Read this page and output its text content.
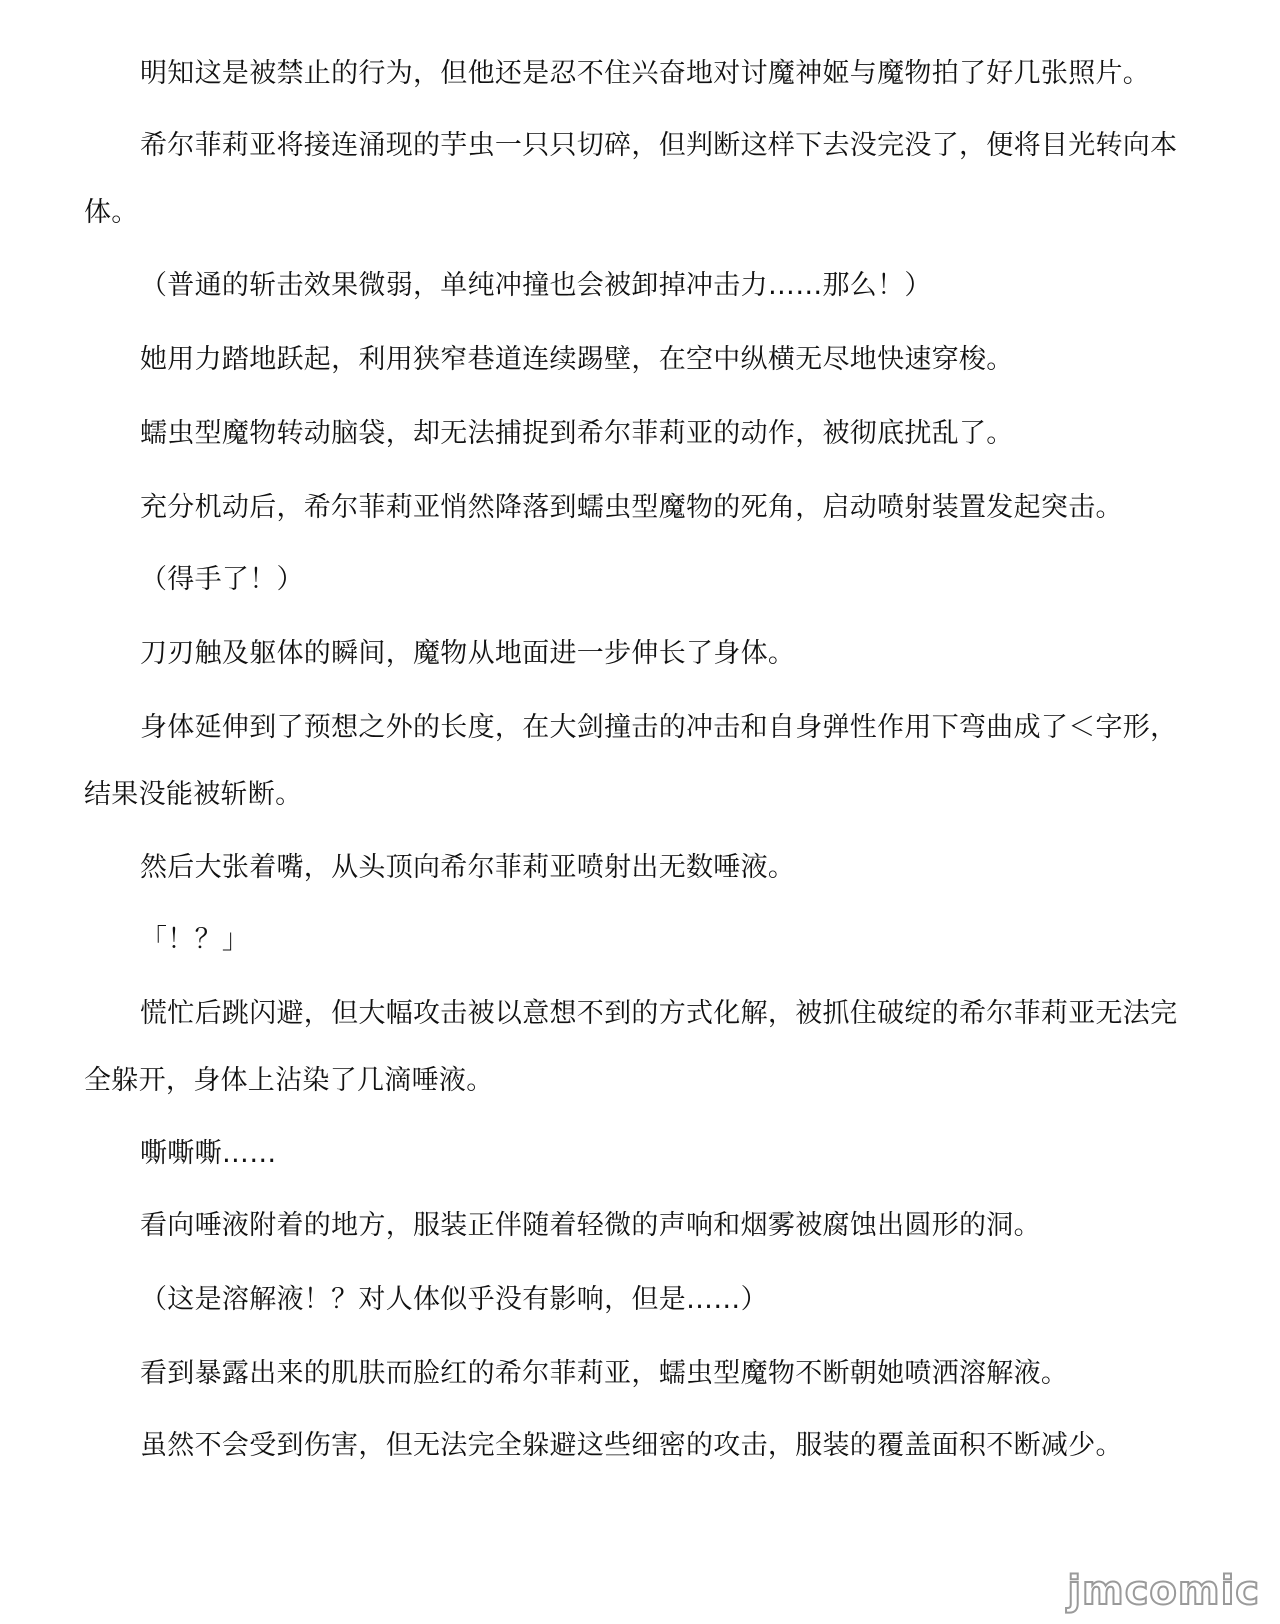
明知这是被禁止的行为，但他还是忍不住兴奋地对讨魔神姬与魔物拍了好几张照片。

希尔菲莉亚将接连涌现的芋虫一只只切碎，但判断这样下去没完没了，便将目光转向本体。

（普通的斩击效果微弱，单纯冲撞也会被卸掉冲击力……那么！）

她用力踏地跃起，利用狭窄巷道连续踢壁，在空中纵横无尽地快速穿梭。

蠕虫型魔物转动脑袋，却无法捕捉到希尔菲莉亚的动作，被彻底扰乱了。

充分机动后，希尔菲莉亚悄然降落到蠕虫型魔物的死角，启动喷射装置发起突击。

（得手了！）

刀刃触及躯体的瞬间，魔物从地面进一步伸长了身体。

身体延伸到了预想之外的长度，在大剑撞击的冲击和自身弹性作用下弯曲成了＜字形，结果没能被斩断。

然后大张着嘴，从头顶向希尔菲莉亚喷射出无数唾液。

「！？」

慌忙后跳闪避，但大幅攻击被以意想不到的方式化解，被抓住破绽的希尔菲莉亚无法完全躲开，身体上沾染了几滴唾液。

嘶嘶嘶……

看向唾液附着的地方，服装正伴随着轻微的声响和烟雾被腐蚀出圆形的洞。

（这是溶解液！？对人体似乎没有影响，但是……）

看到暴露出来的肌肤而脸红的希尔菲莉亚，蠕虫型魔物不断朝她喷洒溶解液。

虽然不会受到伤害，但无法完全躲避这些细密的攻击，服装的覆盖面积不断减少。

jmcomic
